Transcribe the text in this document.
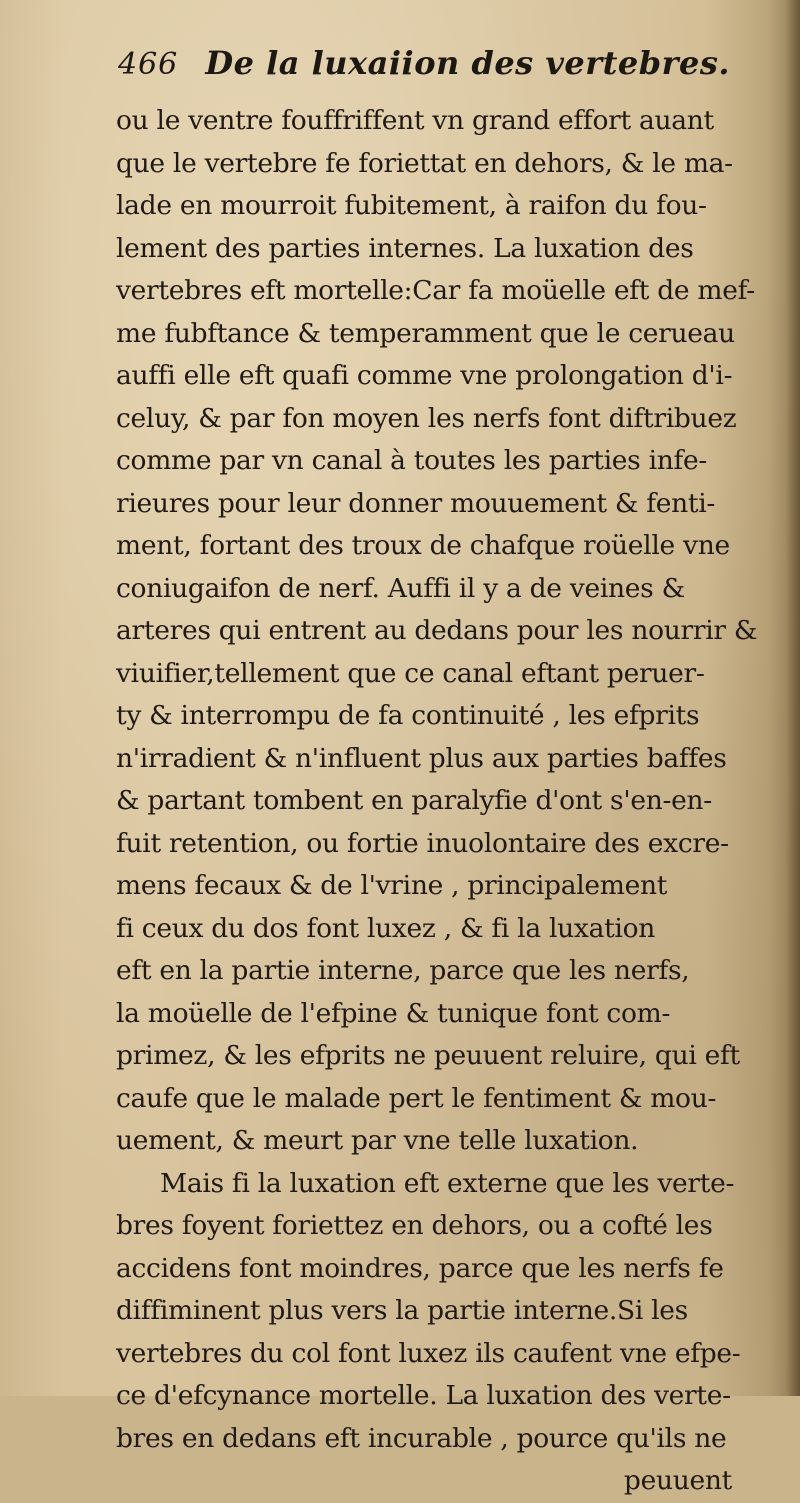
466 De la luxaiion des vertebres.
ou le ventre fouffriffent vn grand effort auant
que le vertebre fe foriettat en dehors, & le ma-
lade en mourroit fubitement, à raifon du fou-
lement des parties internes. La luxation des
vertebres eft mortelle:Car fa moüelle eft de mef-
me fubftance & temperamment que le cerueau
auffi elle eft quafi comme vne prolongation d'i-
celuy, & par fon moyen les nerfs font diftribuez
comme par vn canal à toutes les parties infe-
rieures pour leur donner mouuement & fenti-
ment, fortant des troux de chafque roüelle vne
coniugaifon de nerf. Auffi il y a de veines &
arteres qui entrent au dedans pour les nourrir &
viuifier,tellement que ce canal eftant peruer-
ty & interrompu de fa continuité , les efprits
n'irradient & n'influent plus aux parties baffes
& partant tombent en paralyfie d'ont s'en-en-
fuit retention, ou fortie inuolontaire des excre-
mens fecaux & de l'vrine , principalement
fi ceux du dos font luxez , & fi la luxation
eft en la partie interne, parce que les nerfs,
la moüelle de l'efpine & tunique font com-
primez, & les efprits ne peuuent reluire, qui eft
caufe que le malade pert le fentiment & mou-
uement, & meurt par vne telle luxation.
Mais fi la luxation eft externe que les verte-
bres foyent foriettez en dehors, ou a cofté les
accidens font moindres, parce que les nerfs fe
diffiminent plus vers la partie interne.Si les
vertebres du col font luxez ils caufent vne efpe-
ce d'efcynance mortelle. La luxation des verte-
bres en dedans eft incurable , pource qu'ils ne
peuuent
